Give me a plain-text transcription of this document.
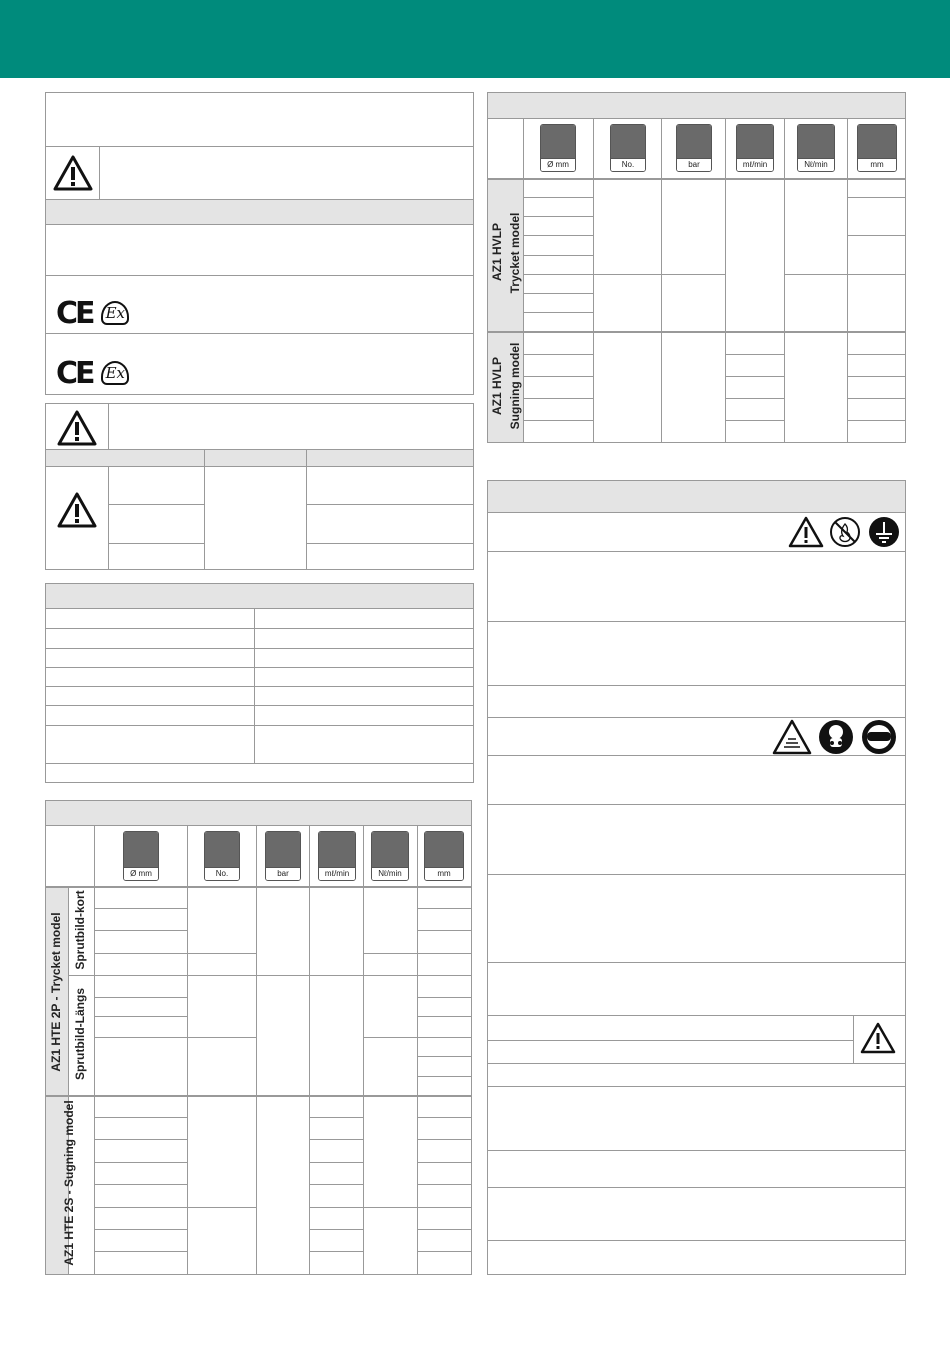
CE Ex
CE Ex
Ø mm	No.	bar	mℓ/min	Nℓ/min	mm
AZ1 HTE 2P - Trycket model
AZ1 HTE 2S - Sugning model
Sprutbild-kort
Sprutbild-Längs
Ø mm	No.	bar	mℓ/min	Nℓ/min	mm
AZ1 HVLP Trycket model
AZ1 HVLP Sugning model
